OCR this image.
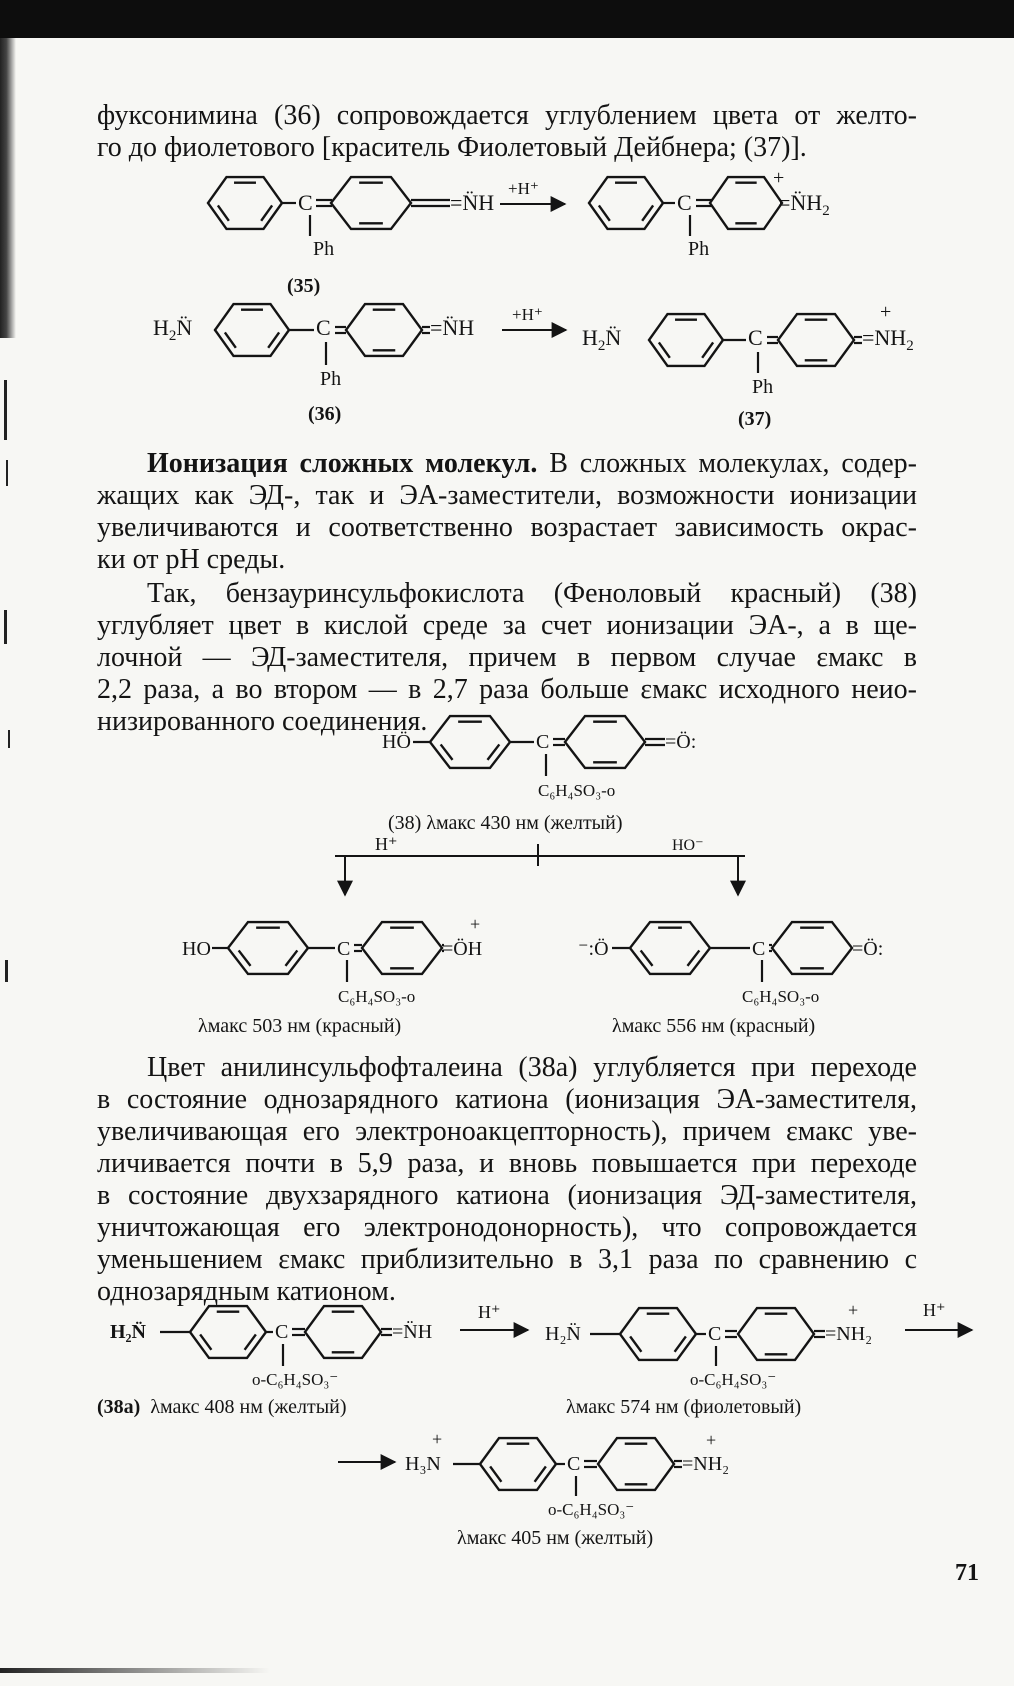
фуксонимина (36) сопровождается углублением цвета от желто-
го до фиолетового [краситель Фиолетовый Дейбнера; (37)].
C	=N̈H
Ph
(35)
+H⁺
C
+
$=N̈H_2$
Ph
$H_2N̈$	C	=N̈H
Ph
(36)
+H⁺
$H_2N̈$	C
+
$=NH_2$
Ph
(37)
HÖ	C	=Ö:
C₆H₄SO₃-o
H⁺	HO⁻
HO	C
+
=ÖH
C₆H₄SO₃-o
⁻:Ö	C	=Ö:
C₆H₄SO₃-o
H₂N̈	C	=N̈H
o-C₆H₄SO₃⁻
H⁺
H₂N̈	C
+
=NH₂
o-C₆H₄SO₃⁻
H⁺
+
H₃N	C
+
=NH₂
o-C₆H₄SO₃⁻
(38) λмакс 430 нм (желтый)
λмакс 503 нм (красный)	λмакс 556 нм (красный)
(38а) λмакс 408 нм (желтый)	λмакс 574 нм (фиолетовый)
λмакс 405 нм (желтый)
Ионизация сложных молекул. В сложных молекулах, содер-
жащих как ЭД-, так и ЭА-заместители, возможности ионизации
увеличиваются и соответственно возрастает зависимость окрас-
ки от pH среды.
Так, бензауринсульфокислота (Феноловый красный) (38)
углубляет цвет в кислой среде за счет ионизации ЭА-, а в ще-
лочной — ЭД-заместителя, причем в первом случае εмакс в
2,2 раза, а во втором — в 2,7 раза больше εмакс исходного неио-
низированного соединения.
Цвет анилинсульфофталеина (38а) углубляется при переходе
в состояние однозарядного катиона (ионизация ЭА-заместителя,
увеличивающая его электроноакцепторность), причем εмакс уве-
личивается почти в 5,9 раза, и вновь повышается при переходе
в состояние двухзарядного катиона (ионизация ЭД-заместителя,
уничтожающая его электронодонорность), что сопровождается
уменьшением εмакс приблизительно в 3,1 раза по сравнению с
однозарядным катионом.
71
